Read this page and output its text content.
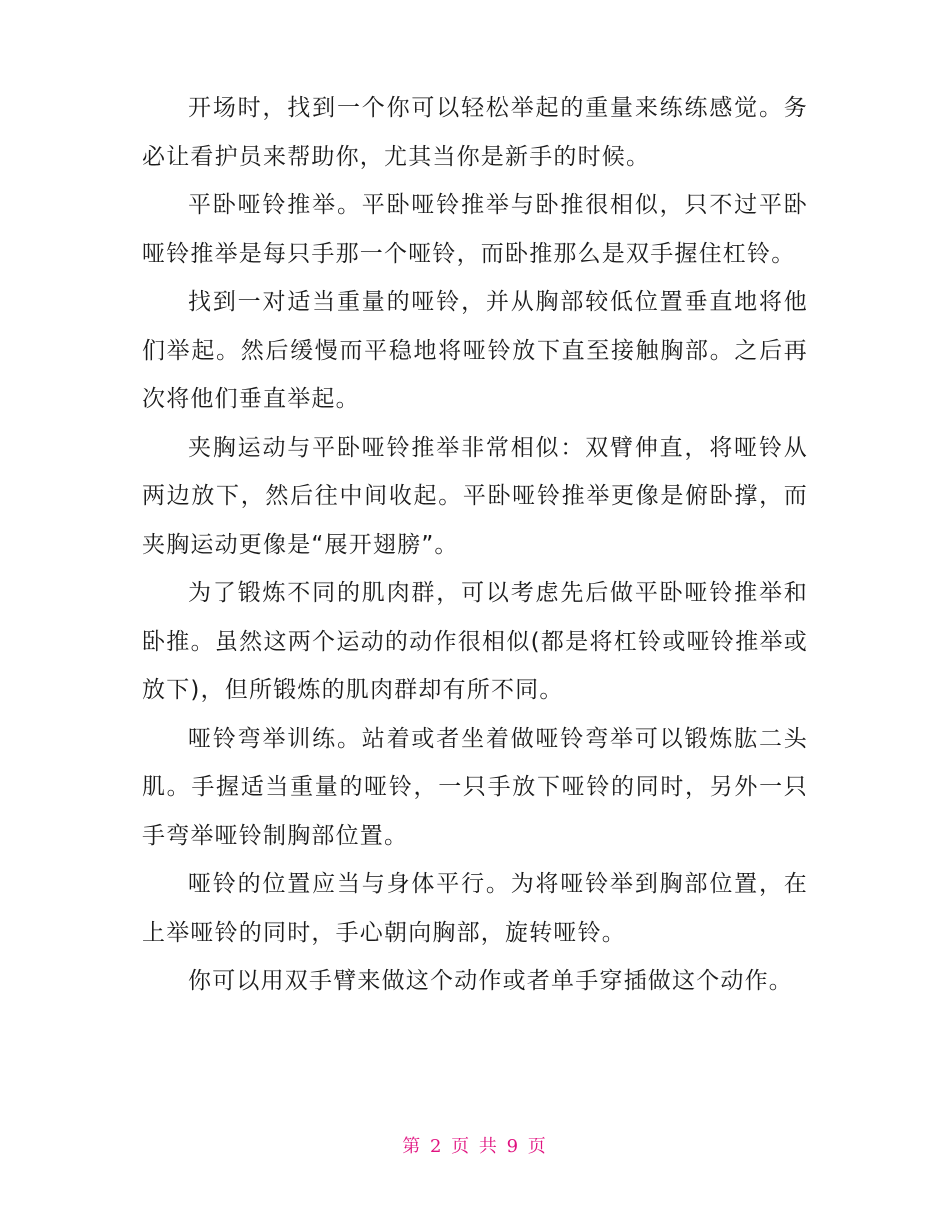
开场时，找到一个你可以轻松举起的重量来练练感觉。务必让看护员来帮助你，尤其当你是新手的时候。

平卧哑铃推举。平卧哑铃推举与卧推很相似，只不过平卧哑铃推举是每只手那一个哑铃，而卧推那么是双手握住杠铃。

找到一对适当重量的哑铃，并从胸部较低位置垂直地将他们举起。然后缓慢而平稳地将哑铃放下直至接触胸部。之后再次将他们垂直举起。

夹胸运动与平卧哑铃推举非常相似：双臂伸直，将哑铃从两边放下，然后往中间收起。平卧哑铃推举更像是俯卧撑，而夹胸运动更像是“展开翅膀”。

为了锻炼不同的肌肉群，可以考虑先后做平卧哑铃推举和卧推。虽然这两个运动的动作很相似(都是将杠铃或哑铃推举或放下)，但所锻炼的肌肉群却有所不同。

哑铃弯举训练。站着或者坐着做哑铃弯举可以锻炼肱二头肌。手握适当重量的哑铃，一只手放下哑铃的同时，另外一只手弯举哑铃制胸部位置。

哑铃的位置应当与身体平行。为将哑铃举到胸部位置，在上举哑铃的同时，手心朝向胸部，旋转哑铃。

你可以用双手臂来做这个动作或者单手穿插做这个动作。

第 2 页 共 9 页
